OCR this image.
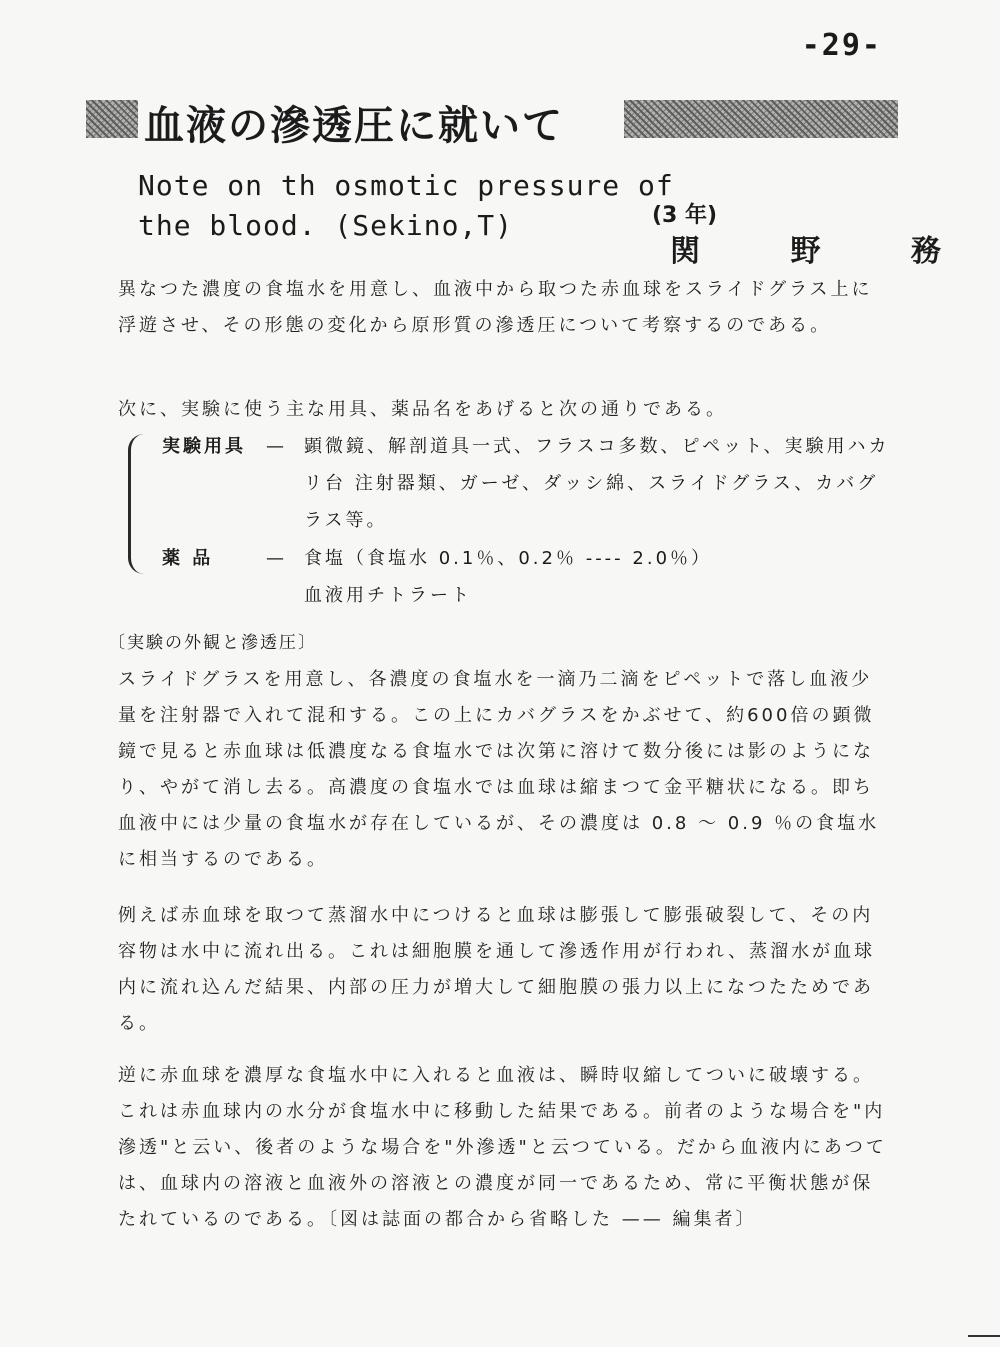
-29-
血液の滲透圧に就いて
Note on th osmotic pressure of the blood. (Sekino,T)	(3 年)
関 野 務
異なつた濃度の食塩水を用意し、血液中から取つた赤血球をスライドグラス上に浮遊させ、その形態の変化から原形質の滲透圧について考察するのである。
次に、実験に使う主な用具、薬品名をあげると次の通りである。
実験用具 — 顕微鏡、解剖道具一式、フラスコ多数、ピペット、実験用ハカリ台 注射器類、ガーゼ、ダッシ綿、スライドグラス、カバグラス等。
薬 品	— 食塩（食塩水 0.1％、0.2％ ---- 2.0％）
血液用チトラート
〔実験の外観と滲透圧〕
スライドグラスを用意し、各濃度の食塩水を一滴乃二滴をピペットで落し血液少量を注射器で入れて混和する。この上にカバグラスをかぶせて、約600倍の顕微鏡で見ると赤血球は低濃度なる食塩水では次第に溶けて数分後には影のようになり、やがて消し去る。高濃度の食塩水では血球は縮まつて金平糖状になる。即ち血液中には少量の食塩水が存在しているが、その濃度は 0.8 〜 0.9 ％の食塩水に相当するのである。
例えば赤血球を取つて蒸溜水中につけると血球は膨張して膨張破裂して、その内容物は水中に流れ出る。これは細胞膜を通して滲透作用が行われ、蒸溜水が血球内に流れ込んだ結果、内部の圧力が増大して細胞膜の張力以上になつたためである。
逆に赤血球を濃厚な食塩水中に入れると血液は、瞬時収縮してついに破壊する。これは赤血球内の水分が食塩水中に移動した結果である。前者のような場合を"内滲透"と云い、後者のような場合を"外滲透"と云つている。だから血液内にあつては、血球内の溶液と血液外の溶液との濃度が同一であるため、常に平衡状態が保たれているのである。〔図は誌面の都合から省略した —— 編集者〕
